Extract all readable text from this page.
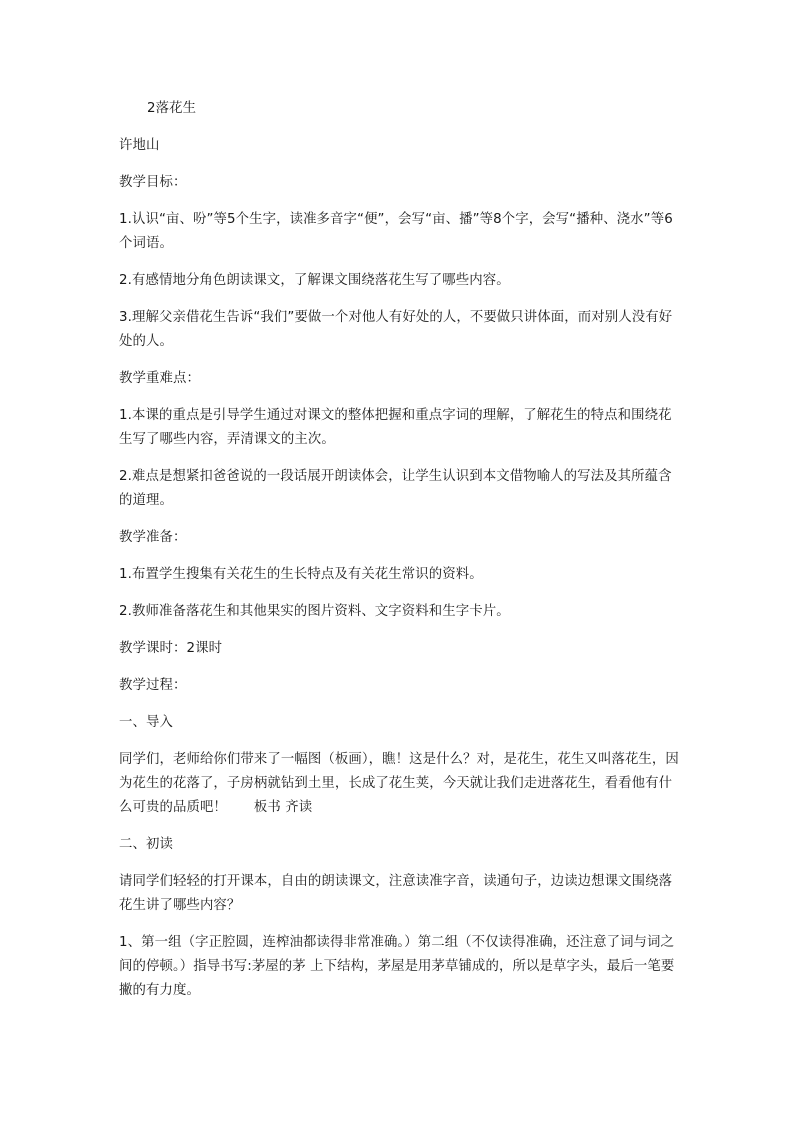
2落花生
许地山
教学目标：
1.认识“亩、吩”等5个生字，读准多音字“便”，会写“亩、播”等8个字，会写“播种、浇水”等6个词语。
2.有感情地分角色朗读课文，了解课文围绕落花生写了哪些内容。
3.理解父亲借花生告诉“我们”要做一个对他人有好处的人，不要做只讲体面，而对别人没有好处的人。
教学重难点：
1.本课的重点是引导学生通过对课文的整体把握和重点字词的理解，了解花生的特点和围绕花生写了哪些内容，弄清课文的主次。
2.难点是想紧扣爸爸说的一段话展开朗读体会，让学生认识到本文借物喻人的写法及其所蕴含的道理。
教学准备：
1.布置学生搜集有关花生的生长特点及有关花生常识的资料。
2.教师准备落花生和其他果实的图片资料、文字资料和生字卡片。
教学课时：2课时
教学过程：
一、导入
同学们，老师给你们带来了一幅图（板画），瞧！这是什么？对，是花生，花生又叫落花生，因为花生的花落了，子房柄就钻到土里，长成了花生荚，今天就让我们走进落花生，看看他有什么可贵的品质吧！　　板书 齐读
二、初读
请同学们轻轻的打开课本，自由的朗读课文，注意读准字音，读通句子，边读边想课文围绕落花生讲了哪些内容？
1、第一组（字正腔圆，连榨油都读得非常准确。）第二组（不仅读得准确，还注意了词与词之间的停顿。）指导书写:茅屋的茅 上下结构，茅屋是用茅草铺成的，所以是草字头，最后一笔要撇的有力度。
